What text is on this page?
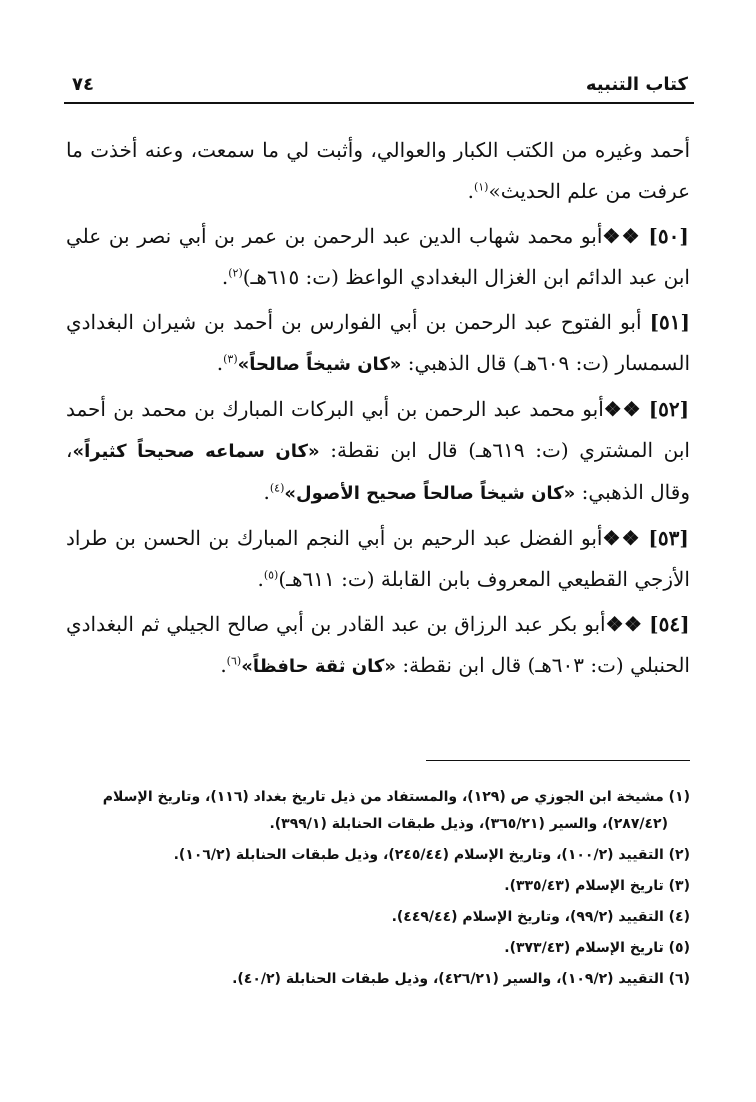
كتاب التنبيه
٧٤

أحمد وغيره من الكتب الكبار والعوالي، وأثبت لي ما سمعت، وعنه أخذت ما عرفت من علم الحديث»$^{(١)}$.

[٥٠] ❖❖أبو محمد شهاب الدين عبد الرحمن بن عمر بن أبي نصر بن علي ابن عبد الدائم ابن الغزال البغدادي الواعظ (ت: ٦١٥هـ)$^{(٢)}$.

[٥١] أبو الفتوح عبد الرحمن بن أبي الفوارس بن أحمد بن شيران البغدادي السمسار (ت: ٦٠٩هـ) قال الذهبي: «كان شيخاً صالحاً»$^{(٣)}$.

[٥٢] ❖❖أبو محمد عبد الرحمن بن أبي البركات المبارك بن محمد بن أحمد ابن المشتري (ت: ٦١٩هـ) قال ابن نقطة: «كان سماعه صحيحاً كثيراً»، وقال الذهبي: «كان شيخاً صالحاً صحيح الأصول»$^{(٤)}$.

[٥٣] ❖❖أبو الفضل عبد الرحيم بن أبي النجم المبارك بن الحسن بن طراد الأزجي القطيعي المعروف بابن القابلة (ت: ٦١١هـ)$^{(٥)}$.

[٥٤] ❖❖أبو بكر عبد الرزاق بن عبد القادر بن أبي صالح الجيلي ثم البغدادي الحنبلي (ت: ٦٠٣هـ) قال ابن نقطة: «كان ثقة حافظاً»$^{(٦)}$.

(١) مشيخة ابن الجوزي ص (١٢٩)، والمستفاد من ذيل تاريخ بغداد (١١٦)، وتاريخ الإسلام
(٢٨٧/٤٢)، والسير (٣٦٥/٢١)، وذيل طبقات الحنابلة (٣٩٩/١).
(٢) التقييد (١٠٠/٢)، وتاريخ الإسلام (٢٤٥/٤٤)، وذيل طبقات الحنابلة (١٠٦/٢).
(٣) تاريخ الإسلام (٣٣٥/٤٣).
(٤) التقييد (٩٩/٢)، وتاريخ الإسلام (٤٤٩/٤٤).
(٥) تاريخ الإسلام (٣٧٣/٤٣).
(٦) التقييد (١٠٩/٢)، والسير (٤٢٦/٢١)، وذيل طبقات الحنابلة (٤٠/٢).
